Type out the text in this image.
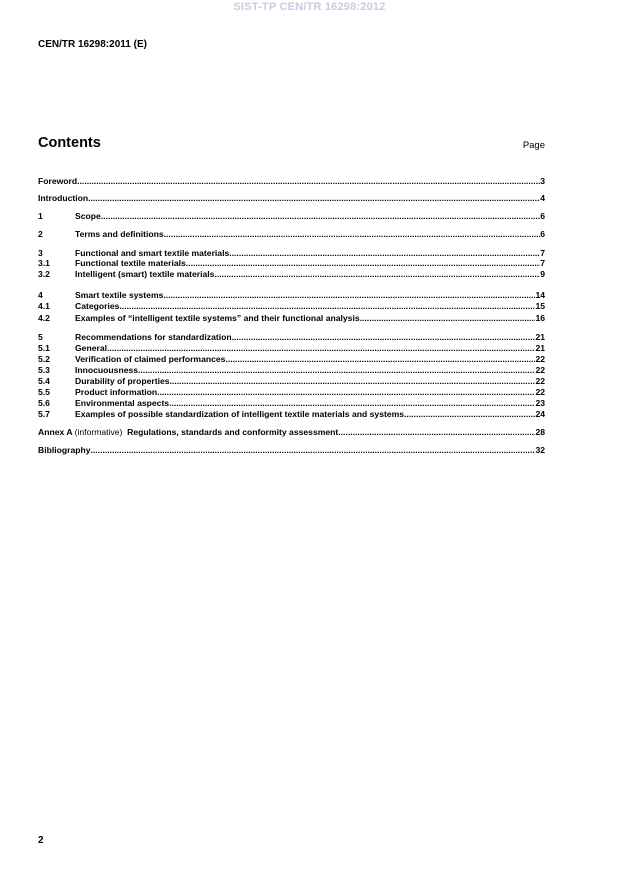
SIST-TP CEN/TR 16298:2012
CEN/TR 16298:2011 (E)
Contents	Page
Foreword .....	3
Introduction .....	4
1	Scope .....	6
2	Terms and definitions .....	6
3	Functional and smart textile materials .....	7
3.1	Functional textile materials .....	7
3.2	Intelligent (smart) textile materials .....	9
4	Smart textile systems .....	14
4.1	Categories .....	15
4.2	Examples of “intelligent textile systems” and their functional analysis .....	16
5	Recommendations for standardization .....	21
5.1	General .....	21
5.2	Verification of claimed performances .....	22
5.3	Innocuousness .....	22
5.4	Durability of properties .....	22
5.5	Product information .....	22
5.6	Environmental aspects .....	23
5.7	Examples of possible standardization of intelligent textile materials and systems .....	24
Annex A (informative) Regulations, standards and conformity assessment .....	28
Bibliography .....	32
2
